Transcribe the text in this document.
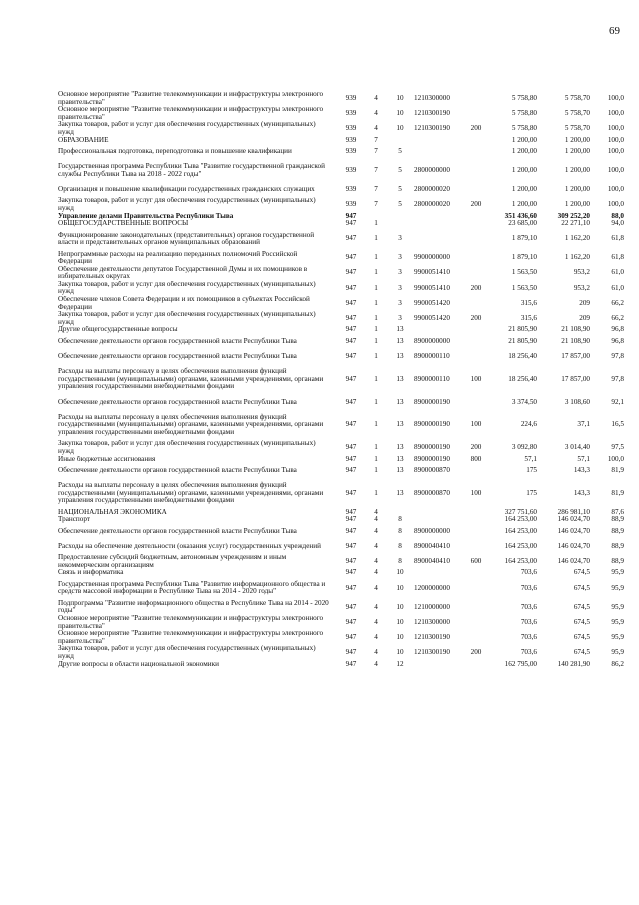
69
Основное мероприятие "Развитие телекоммуникации и инфраструктуры электронного правительства"	939	4	10	1210300000		5 758,80	5 758,70	100,0
Основное мероприятие "Развитие телекоммуникации и инфраструктуры электронного правительства"	939	4	10	1210300190		5 758,80	5 758,70	100,0
Закупка товаров, работ и услуг для обеспечения государственных (муниципальных) нужд	939	4	10	1210300190	200	5 758,80	5 758,70	100,0
ОБРАЗОВАНИЕ	939	7				1 200,00	1 200,00	100,0
Профессиональная подготовка, переподготовка и повышение квалификации	939	7	5			1 200,00	1 200,00	100,0
Государственная программа Республики Тыва "Развитие государственной гражданской службы Республики Тыва на 2018 - 2022 годы"	939	7	5	2800000000		1 200,00	1 200,00	100,0
Организация и повышение квалификации государственных гражданских служащих	939	7	5	2800000020		1 200,00	1 200,00	100,0
Закупка товаров, работ и услуг для обеспечения государственных (муниципальных) нужд	939	7	5	2800000020	200	1 200,00	1 200,00	100,0
Управление делами Правительства Республики Тыва	947					351 436,60	309 252,20	88,0
ОБЩЕГОСУДАРСТВЕННЫЕ ВОПРОСЫ	947	1				23 685,00	22 271,10	94,0
Функционирование законодательных (представительных) органов государственной власти и представительных органов муниципальных образований	947	1	3			1 879,10	1 162,20	61,8
Непрограммные расходы на реализацию переданных полномочий Российской Федерации	947	1	3	9900000000		1 879,10	1 162,20	61,8
Обеспечение деятельности депутатов Государственной Думы и их помощников в избирательных округах	947	1	3	9900051410		1 563,50	953,2	61,0
Закупка товаров, работ и услуг для обеспечения государственных (муниципальных) нужд	947	1	3	9900051410	200	1 563,50	953,2	61,0
Обеспечение членов Совета Федерации и их помощников в субъектах Российской Федерации	947	1	3	9900051420		315,6	209	66,2
Закупка товаров, работ и услуг для обеспечения государственных (муниципальных) нужд	947	1	3	9900051420	200	315,6	209	66,2
Другие общегосударственные вопросы	947	1	13			21 805,90	21 108,90	96,8
Обеспечение деятельности органов государственной власти Республики Тыва	947	1	13	8900000000		21 805,90	21 108,90	96,8
Обеспечение деятельности органов государственной власти Республики Тыва	947	1	13	8900000110		18 256,40	17 857,00	97,8
Расходы на выплаты персоналу в целях обеспечения выполнения функций государственными (муниципальными) органами, казенными учреждениями, органами управления государственными внебюджетными фондами	947	1	13	8900000110	100	18 256,40	17 857,00	97,8
Обеспечение деятельности органов государственной власти Республики Тыва	947	1	13	8900000190		3 374,50	3 108,60	92,1
Расходы на выплаты персоналу в целях обеспечения выполнения функций государственными (муниципальными) органами, казенными учреждениями, органами управления государственными внебюджетными фондами	947	1	13	8900000190	100	224,6	37,1	16,5
Закупка товаров, работ и услуг для обеспечения государственных (муниципальных) нужд	947	1	13	8900000190	200	3 092,80	3 014,40	97,5
Иные бюджетные ассигнования	947	1	13	8900000190	800	57,1	57,1	100,0
Обеспечение деятельности органов государственной власти Республики Тыва	947	1	13	8900000870		175	143,3	81,9
Расходы на выплаты персоналу в целях обеспечения выполнения функций государственными (муниципальными) органами, казенными учреждениями, органами управления государственными внебюджетными фондами	947	1	13	8900000870	100	175	143,3	81,9
НАЦИОНАЛЬНАЯ ЭКОНОМИКА	947	4				327 751,60	286 981,10	87,6
Транспорт	947	4	8			164 253,00	146 024,70	88,9
Обеспечение деятельности органов государственной власти Республики Тыва	947	4	8	8900000000		164 253,00	146 024,70	88,9
Расходы на обеспечение деятельности (оказания услуг) государственных учреждений	947	4	8	8900040410		164 253,00	146 024,70	88,9
Предоставление субсидий бюджетным, автономным учреждениям и иным некоммерческим организациям	947	4	8	8900040410	600	164 253,00	146 024,70	88,9
Связь и информатика	947	4	10			703,6	674,5	95,9
Государственная программа Республики Тыва "Развитие информационного общества и средств массовой информации в Республике Тыва на 2014 - 2020 годы"	947	4	10	1200000000		703,6	674,5	95,9
Подпрограмма "Развитие информационного общества в Республике Тыва на 2014 - 2020 годы"	947	4	10	1210000000		703,6	674,5	95,9
Основное мероприятие "Развитие телекоммуникации и инфраструктуры электронного правительства"	947	4	10	1210300000		703,6	674,5	95,9
Основное мероприятие "Развитие телекоммуникации и инфраструктуры электронного правительства"	947	4	10	1210300190		703,6	674,5	95,9
Закупка товаров, работ и услуг для обеспечения государственных (муниципальных) нужд	947	4	10	1210300190	200	703,6	674,5	95,9
Другие вопросы в области национальной экономики	947	4	12			162 795,00	140 281,90	86,2
